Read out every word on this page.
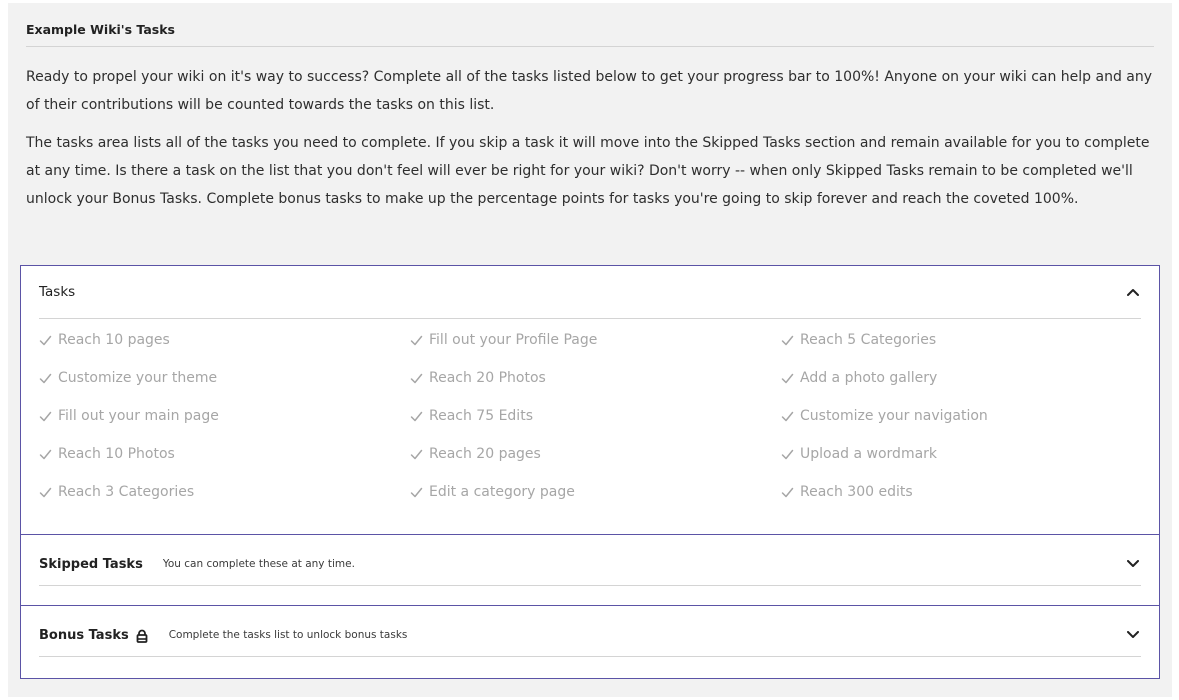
Example Wiki's Tasks

Ready to propel your wiki on it's way to success? Complete all of the tasks listed below to get your progress bar to 100%! Anyone on your wiki can help and any of their contributions will be counted towards the tasks on this list.

The tasks area lists all of the tasks you need to complete. If you skip a task it will move into the Skipped Tasks section and remain available for you to complete at any time. Is there a task on the list that you don't feel will ever be right for your wiki? Don't worry -- when only Skipped Tasks remain to be completed we'll unlock your Bonus Tasks. Complete bonus tasks to make up the percentage points for tasks you're going to skip forever and reach the coveted 100%.

Tasks
Reach 10 pages	Fill out your Profile Page	Reach 5 Categories
Customize your theme	Reach 20 Photos	Add a photo gallery
Fill out your main page	Reach 75 Edits	Customize your navigation
Reach 10 Photos	Reach 20 pages	Upload a wordmark
Reach 3 Categories	Edit a category page	Reach 300 edits
Skipped Tasks You can complete these at any time.
Bonus Tasks	Complete the tasks list to unlock bonus tasks
